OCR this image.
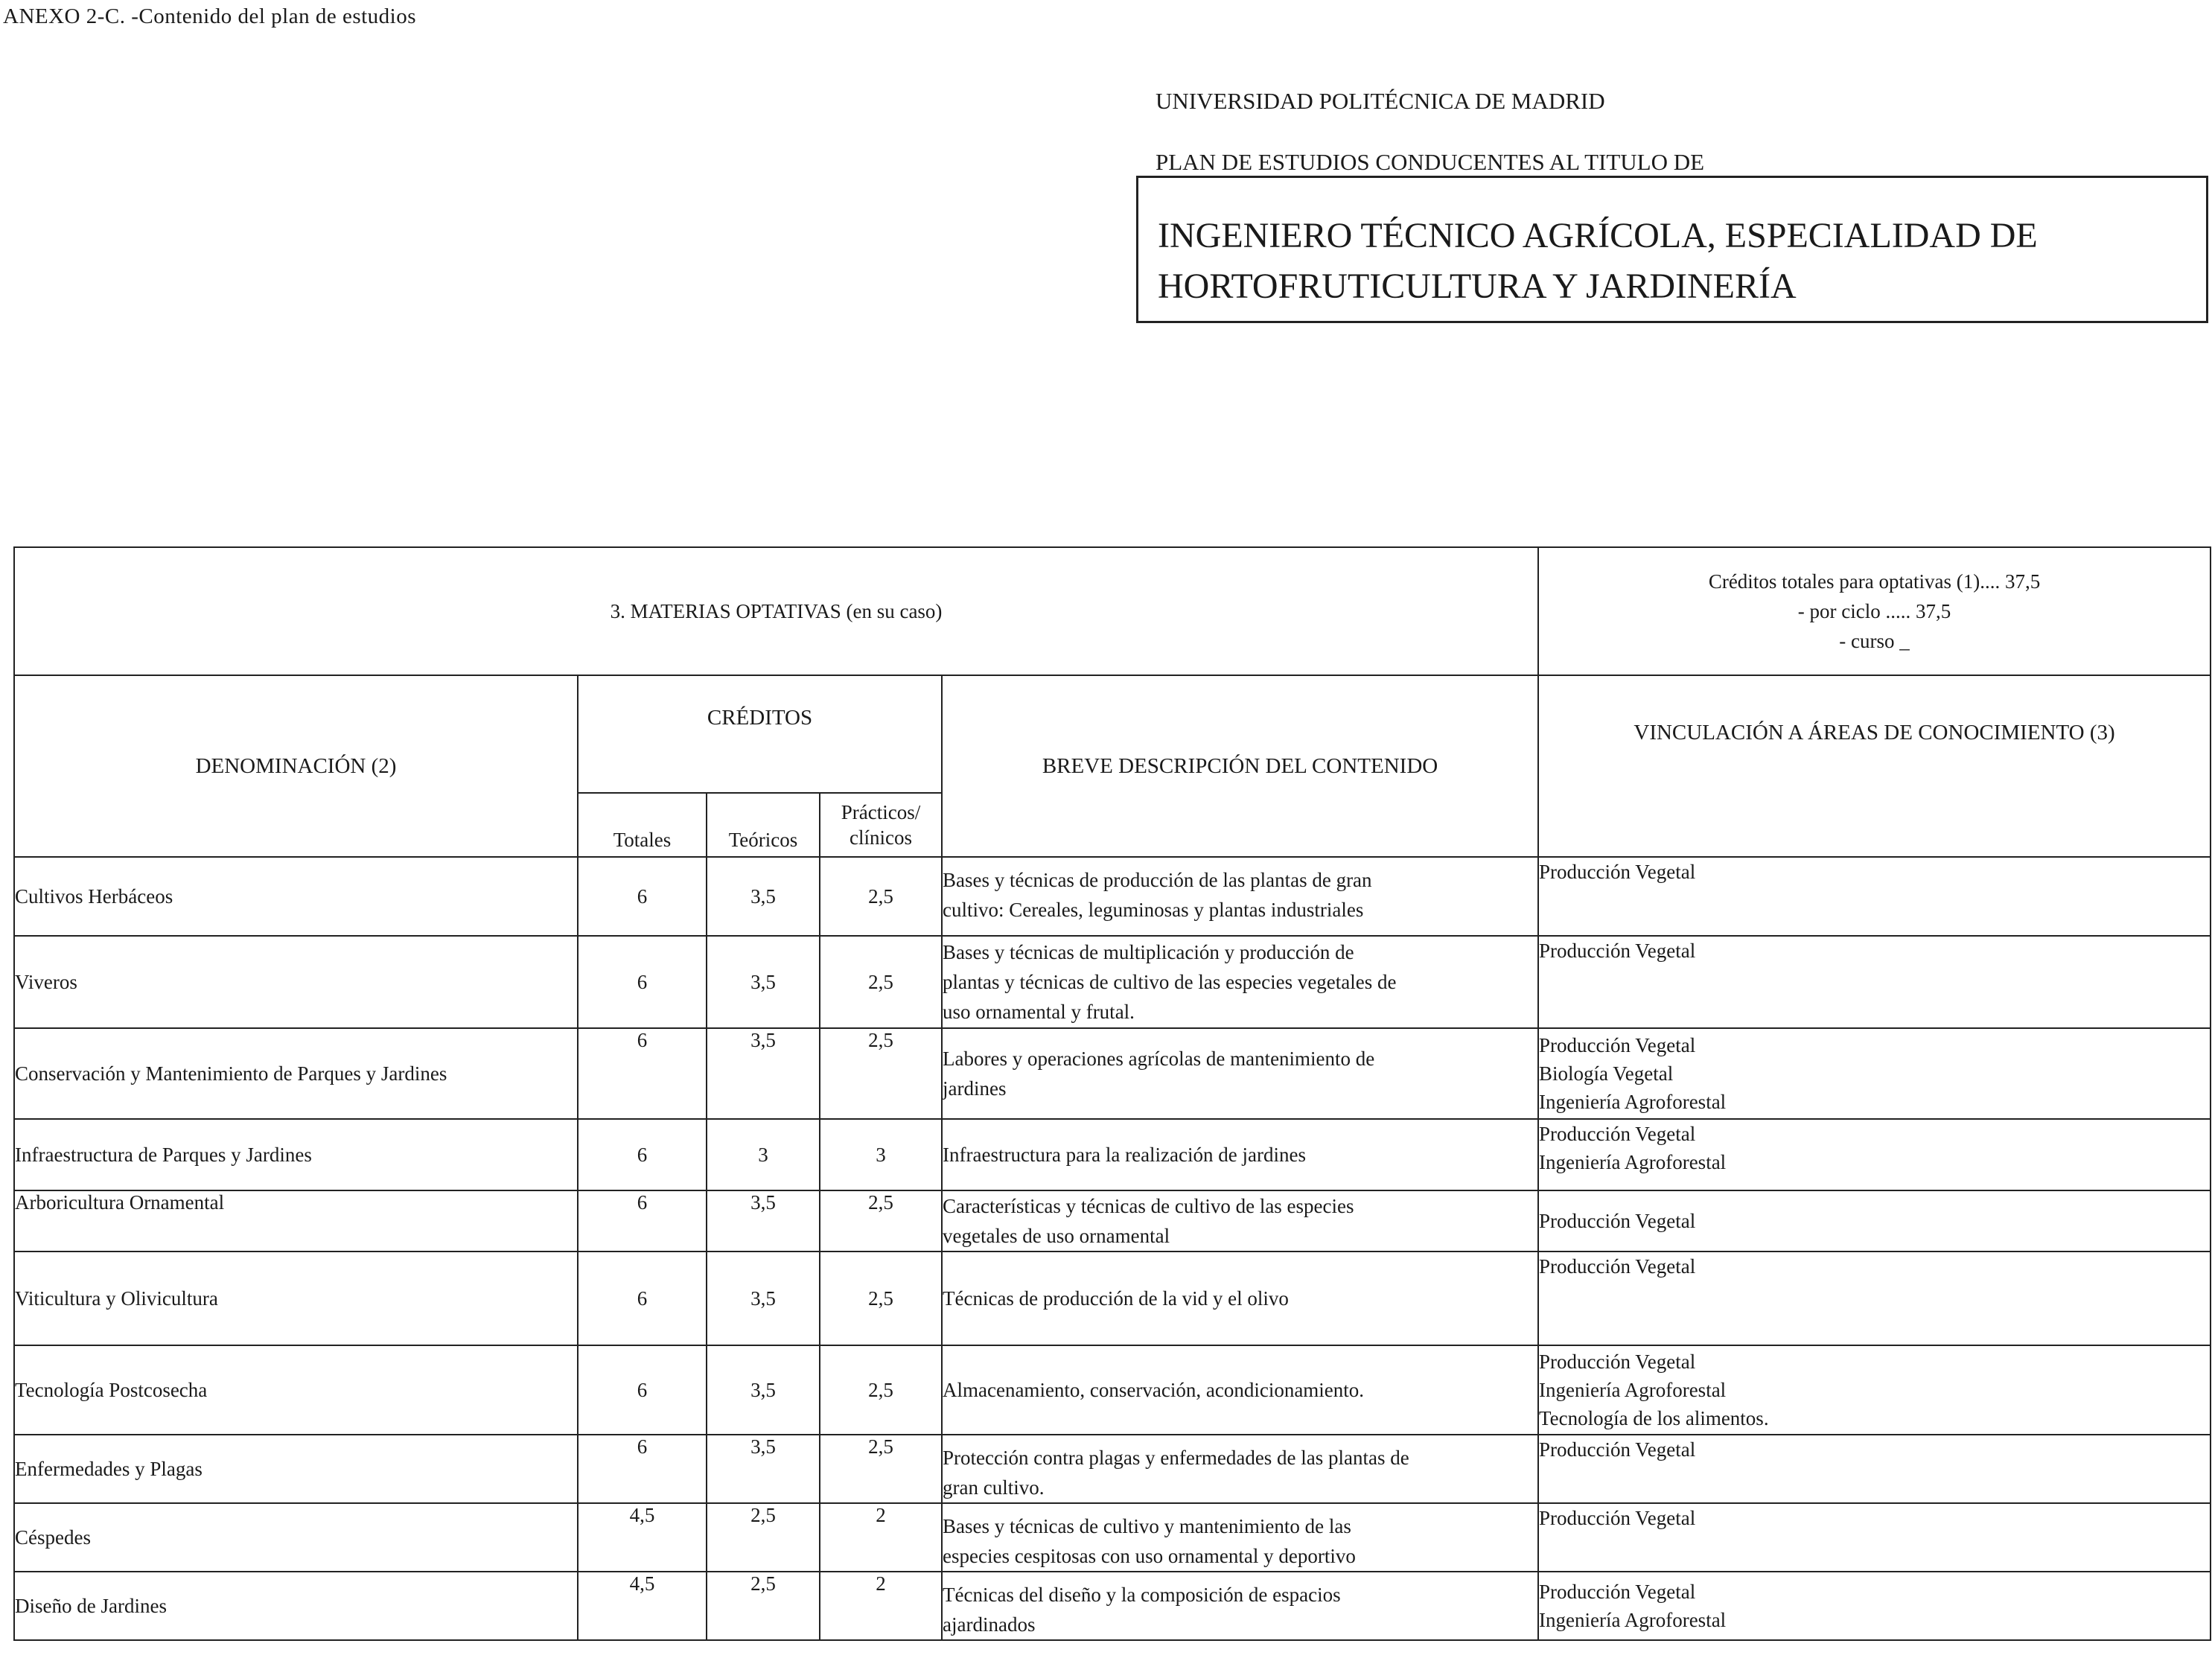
ANEXO 2-C. -Contenido del plan de estudios
UNIVERSIDAD POLITÉCNICA DE MADRID
PLAN DE ESTUDIOS CONDUCENTES AL TITULO DE
INGENIERO TÉCNICO AGRÍCOLA, ESPECIALIDAD DE
HORTOFRUTICULTURA Y JARDINERÍA
3. MATERIAS OPTATIVAS (en su caso)					Créditos totales para optativas (1).... 37,5
- por ciclo ..... 37,5
- curso _

DENOMINACIÓN (2)	CRÉDITOS			BREVE DESCRIPCIÓN DEL CONTENIDO	VINCULACIÓN A ÁREAS DE CONOCIMIENTO (3)
	Totales	Teóricos	Prácticos/ clínicos		
Cultivos Herbáceos	6	3,5	2,5	Bases y técnicas de producción de las plantas de gran
cultivo: Cereales, leguminosas y plantas industriales	Producción Vegetal

Viveros	6	3,5	2,5	Bases y técnicas de multiplicación y producción de
plantas y técnicas de cultivo de las especies vegetales de
uso ornamental y frutal.	Producción Vegetal

Conservación y Mantenimiento de Parques y Jardines	6	3,5	2,5	Labores y operaciones agrícolas de mantenimiento de
jardines	Producción Vegetal
Biología Vegetal
Ingeniería Agroforestal

Infraestructura de Parques y Jardines	6	3	3	Infraestructura para la realización de jardines	Producción Vegetal
Ingeniería Agroforestal

Arboricultura Ornamental	6	3,5	2,5	Características y técnicas de cultivo de las especies
vegetales de uso ornamental	Producción Vegetal

Viticultura y Olivicultura	6	3,5	2,5	Técnicas de producción de la vid y el olivo	Producción Vegetal

Tecnología Postcosecha	6	3,5	2,5	Almacenamiento, conservación, acondicionamiento.	Producción Vegetal
Ingeniería Agroforestal
Tecnología de los alimentos.

Enfermedades y Plagas	6	3,5	2,5	Protección contra plagas y enfermedades de las plantas de
gran cultivo.	Producción Vegetal

Céspedes	4,5	2,5	2	Bases y técnicas de cultivo y mantenimiento de las
especies cespitosas con uso ornamental y deportivo	Producción Vegetal

Diseño de Jardines	4,5	2,5	2	Técnicas del diseño y la composición de espacios
ajardinados	Producción Vegetal
Ingeniería Agroforestal
